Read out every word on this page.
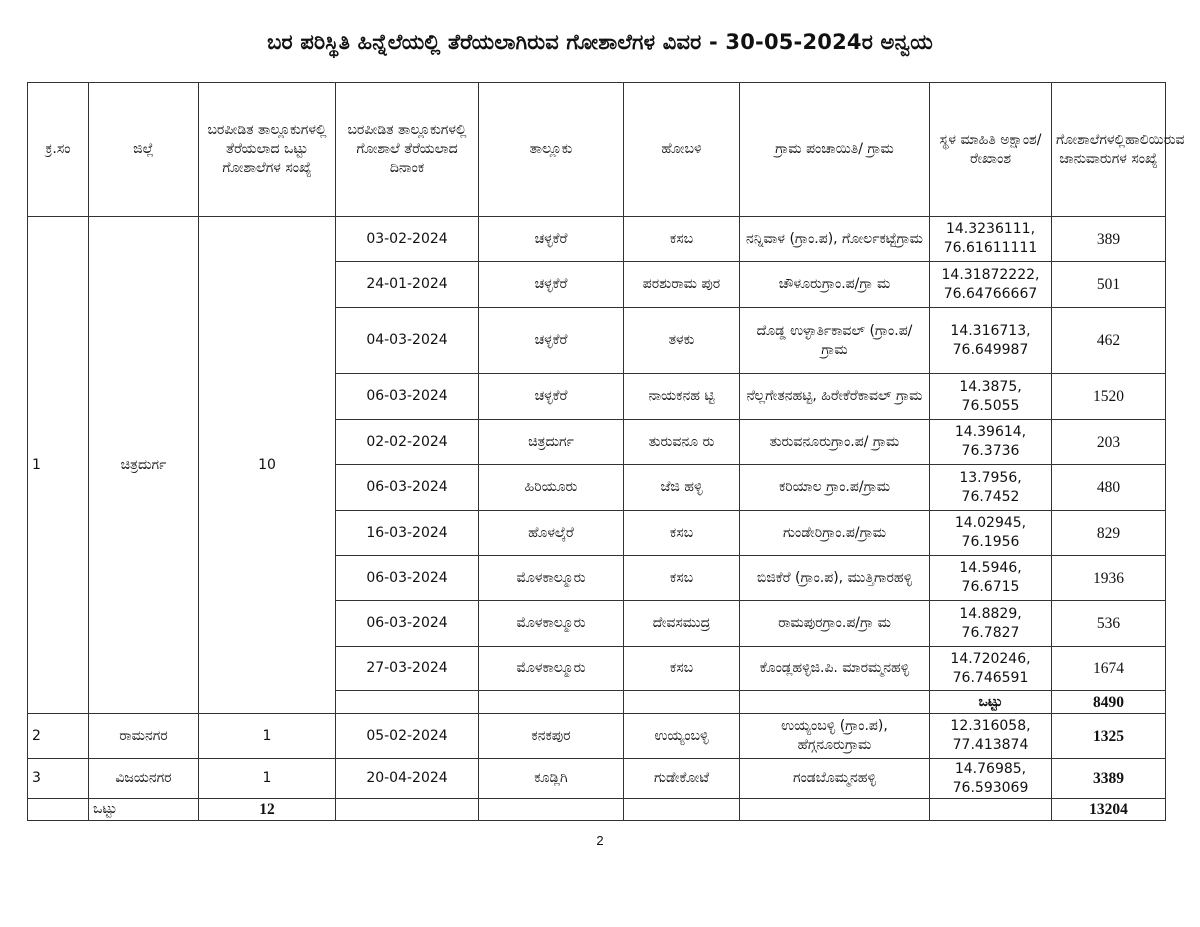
ಬರ ಪರಿಸ್ಥಿತಿ ಹಿನ್ನೆಲೆಯಲ್ಲಿ ತೆರೆಯಲಾಗಿರುವ ಗೋಶಾಲೆಗಳ ವಿವರ - 30-05-2024ರ ಅನ್ವಯ
ಕ್ರ.ಸಂ	ಜಿಲ್ಲೆ	ಬರಪೀಡಿತ ತಾಲ್ಲೂಕುಗಳಲ್ಲಿ ತೆರೆಯಲಾದ ಒಟ್ಟು ಗೋಶಾಲೆಗಳ ಸಂಖ್ಯೆ	ಬರಪೀಡಿತ ತಾಲ್ಲೂಕುಗಳಲ್ಲಿ ಗೋಶಾಲೆ ತೆರೆಯಲಾದ ದಿನಾಂಕ	ತಾಲ್ಲೂಕು	ಹೋಬಳಿ	ಗ್ರಾಮ ಪಂಚಾಯಿತಿ/ ಗ್ರಾಮ	ಸ್ಥಳ ಮಾಹಿತಿ ಅಕ್ಷಾಂಶ/ ರೇಖಾಂಶ	ಗೋಶಾಲೆಗಳಲ್ಲಿಹಾಲಿಯಿರುವ ಜಾನುವಾರುಗಳ ಸಂಖ್ಯೆ
1	ಚಿತ್ರದುರ್ಗ	10	03-02-2024	ಚಳ್ಳಕೆರೆ	ಕಸಬ	ನನ್ನಿವಾಳ (ಗ್ರಾಂ.ಪ), ಗೋರ್ಲಕಟ್ಟೆಗ್ರಾಮ	14.3236111, 76.61611111	389
			24-01-2024	ಚಳ್ಳಕೆರೆ	ಪರಶುರಾಮ ಪುರ	ಚೌಳೂರುಗ್ರಾಂ.ಪ/ಗ್ರಾ ಮ	14.31872222, 76.64766667	501
			04-03-2024	ಚಳ್ಳಕೆರೆ	ತಳಕು	ದೊಡ್ಡ ಉಳ್ಳಾರ್ತಿಕಾವಲ್ (ಗ್ರಾಂ.ಪ/ಗ್ರಾಮ	14.316713, 76.649987	462
			06-03-2024	ಚಳ್ಳಕೆರೆ	ನಾಯಕನಹ ಟ್ಟಿ	ನೆಲ್ಲಗೇತನಹಟ್ಟಿ, ಹಿರೇಕೆರೆಕಾವಲ್ ಗ್ರಾಮ	14.3875, 76.5055	1520
			02-02-2024	ಚಿತ್ರದುರ್ಗ	ತುರುವನೂ ರು	ತುರುವನೂರುಗ್ರಾಂ.ಪ/ ಗ್ರಾಮ	14.39614, 76.3736	203
			06-03-2024	ಹಿರಿಯೂರು	ಜೆಜಿ ಹಳ್ಳಿ	ಕರಿಯಾಲ ಗ್ರಾಂ.ಪ/ಗ್ರಾಮ	13.7956, 76.7452	480
			16-03-2024	ಹೊಳಲ್ಕೆರೆ	ಕಸಬ	ಗುಂಡೇರಿಗ್ರಾಂ.ಪ/ಗ್ರಾಮ	14.02945, 76.1956	829
			06-03-2024	ಮೊಳಕಾಲ್ಮೂರು	ಕಸಬ	ಬಿಜಿಕೆರೆ (ಗ್ರಾಂ.ಪ), ಮುತ್ತಿಗಾರಹಳ್ಳಿ	14.5946, 76.6715	1936
			06-03-2024	ಮೊಳಕಾಲ್ಮೂರು	ದೇವಸಮುದ್ರ	ರಾಮಪುರಗ್ರಾಂ.ಪ/ಗ್ರಾ ಮ	14.8829, 76.7827	536
			27-03-2024	ಮೊಳಕಾಲ್ಮೂರು	ಕಸಬ	ಕೊಂಡ್ಲಹಳ್ಳಿಜಿ.ಪಿ. ಮಾರಮ್ಮನಹಳ್ಳಿ	14.720246, 76.746591	1674
							ಒಟ್ಟು	8490
2	ರಾಮನಗರ	1	05-02-2024	ಕನಕಪುರ	ಉಯ್ಯಂಬಳ್ಳಿ	ಉಯ್ಯಂಬಳ್ಳಿ (ಗ್ರಾಂ.ಪ), ಹೆಗ್ಗನೂರುಗ್ರಾಮ	12.316058, 77.413874	1325
3	ವಿಜಯನಗರ	1	20-04-2024	ಕೂಡ್ಲಿಗಿ	ಗುಡೇಕೋಟೆ	ಗಂಡಬೊಮ್ಮನಹಳ್ಳಿ	14.76985, 76.593069	3389
	ಒಟ್ಟು	12						13204
2
